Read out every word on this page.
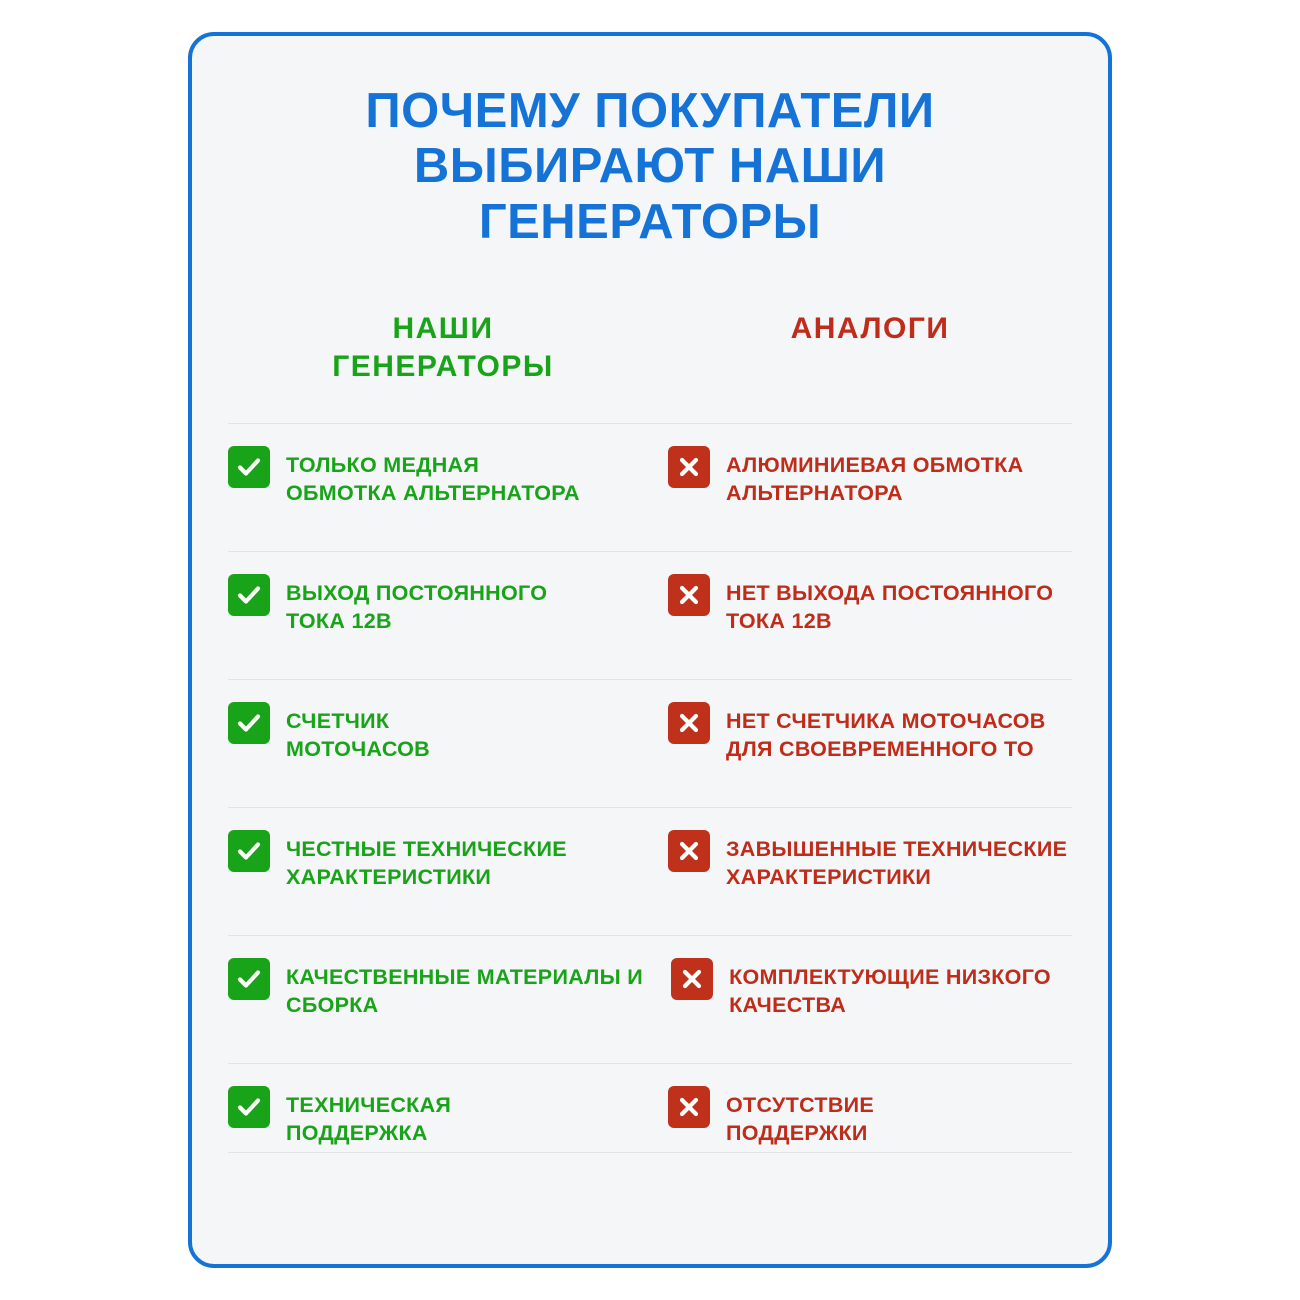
ПОЧЕМУ ПОКУПАТЕЛИ
ВЫБИРАЮТ НАШИ
ГЕНЕРАТОРЫ
НАШИ
ГЕНЕРАТОРЫ
АНАЛОГИ
ТОЛЬКО МЕДНАЯ
ОБМОТКА АЛЬТЕРНАТОРА
АЛЮМИНИЕВАЯ ОБМОТКА
АЛЬТЕРНАТОРА
ВЫХОД ПОСТОЯННОГО
ТОКА 12В
НЕТ ВЫХОДА ПОСТОЯННОГО
ТОКА 12В
СЧЕТЧИК
МОТОЧАСОВ
НЕТ СЧЕТЧИКА МОТОЧАСОВ
ДЛЯ СВОЕВРЕМЕННОГО ТО
ЧЕСТНЫЕ ТЕХНИЧЕСКИЕ
ХАРАКТЕРИСТИКИ
ЗАВЫШЕННЫЕ ТЕХНИЧЕСКИЕ
ХАРАКТЕРИСТИКИ
КАЧЕСТВЕННЫЕ МАТЕРИАЛЫ И
СБОРКА
КОМПЛЕКТУЮЩИЕ НИЗКОГО
КАЧЕСТВА
ТЕХНИЧЕСКАЯ
ПОДДЕРЖКА
ОТСУТСТВИЕ
ПОДДЕРЖКИ
